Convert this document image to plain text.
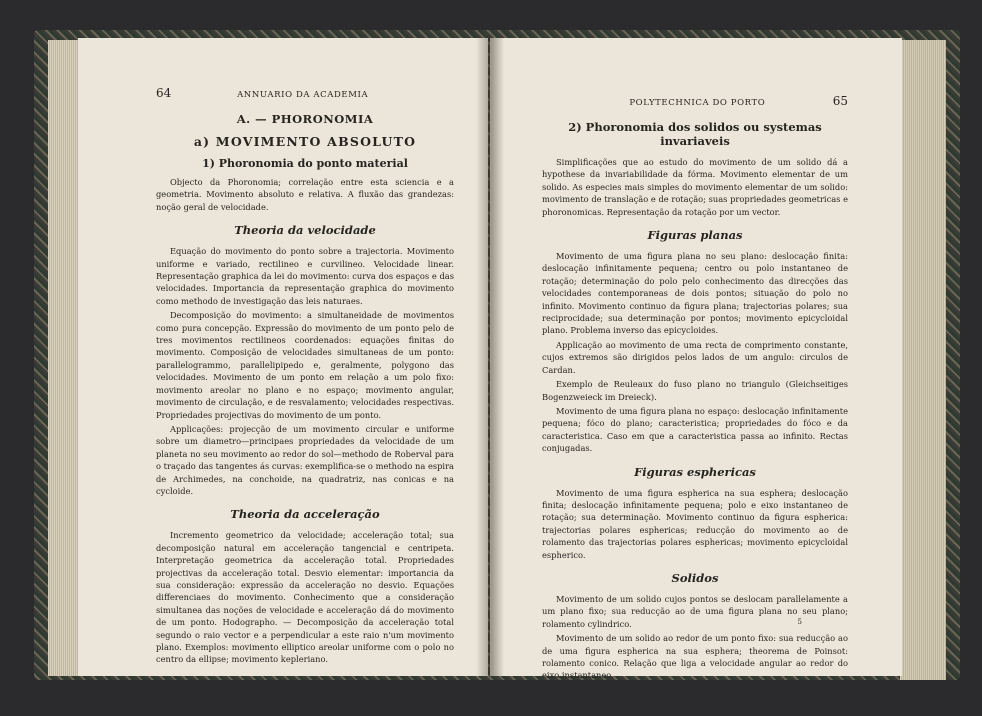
64	ANNUARIO DA ACADEMIA
A. — PHORONOMIA
a) MOVIMENTO ABSOLUTO
1) Phoronomia do ponto material

Objecto da Phoronomia; correlação entre esta sciencia e a geometria. Movimento absoluto e relativa. A fluxão das grandezas: noção geral de velocidade.

Theoria da velocidade

Equação do movimento do ponto sobre a trajectoria. Movimento uniforme e variado, rectilineo e curvilineo. Velocidade linear. Representação graphica da lei do movimento: curva dos espaços e das velocidades. Importancia da representação graphica do movimento como methodo de investigação das leis naturaes.

Decomposição do movimento: a simultaneidade de movimentos como pura concepção. Expressão do movimento de um ponto pelo de tres movimentos rectilineos coordenados: equações finitas do movimento. Composição de velocidades simultaneas de um ponto: parallelogrammo, parallelipipedo e, geralmente, polygono das velocidades. Movimento de um ponto em relação a um polo fixo: movimento areolar no plano e no espaço; movimento angular, movimento de circulação, e de resvalamento; velocidades respectivas. Propriedades projectivas do movimento de um ponto.

Applicações: projecção de um movimento circular e uniforme sobre um diametro—principaes propriedades da velocidade de um planeta no seu movimento ao redor do sol—methodo de Roberval para o traçado das tangentes ás curvas: exemplifica-se o methodo na espira de Archimedes, na conchoide, na quadratriz, nas conicas e na cycloide.

Theoria da acceleração

Incremento geometrico da velocidade; acceleração total; sua decomposição natural em acceleração tangencial e centripeta. Interpretação geometrica da acceleração total. Propriedades projectivas da acceleração total. Desvio elementar: importancia da sua consideração: expressão da acceleração no desvio. Equações differenciaes do movimento. Conhecimento que a consideração simultanea das noções de velocidade e acceleração dá do movimento de um ponto. Hodographo. — Decomposição da acceleração total segundo o raio vector e a perpendicular a este raio n'um movimento plano. Exemplos: movimento elliptico areolar uniforme com o polo no centro da ellipse; movimento kepleriano.

POLYTECHNICA DO PORTO	65
2) Phoronomia dos solidos ou systemas invariaveis

Simplificações que ao estudo do movimento de um solido dá a hypothese da invariabilidade da fórma. Movimento elementar de um solido. As especies mais simples do movimento elementar de um solido: movimento de translação e de rotação; suas propriedades geometricas e phoronomicas. Representação da rotação por um vector.

Figuras planas

Movimento de uma figura plana no seu plano: deslocação finita: deslocação infinitamente pequena; centro ou polo instantaneo de rotação; determinação do polo pelo conhecimento das direcções das velocidades contemporaneas de dois pontos; situação do polo no infinito. Movimento continuo da figura plana; trajectorias polares; sua reciprocidade; sua determinação por pontos; movimento epicycloidal plano. Problema inverso das epicycloides.

Applicação ao movimento de uma recta de comprimento constante, cujos extremos são dirigidos pelos lados de um angulo: circulos de Cardan.

Exemplo de Reuleaux do fuso plano no triangulo (Gleichseitiges Bogenzweieck im Dreieck).

Movimento de uma figura plana no espaço: deslocação infinitamente pequena; fóco do plano; caracteristica; propriedades do fóco e da caracteristica. Caso em que a caracteristica passa ao infinito. Rectas conjugadas.

Figuras esphericas

Movimento de uma figura espherica na sua esphera; deslocação finita; deslocação infinitamente pequena; polo e eixo instantaneo de rotação; sua determinação. Movimento continuo da figura espherica: trajectorias polares esphericas; reducção do movimento ao de rolamento das trajectorias polares esphericas; movimento epicycloidal espherico.

Solidos

Movimento de um solido cujos pontos se deslocam parallelamente a um plano fixo; sua reducção ao de uma figura plana no seu plano; rolamento cylindrico.

Movimento de um solido ao redor de um ponto fixo: sua reducção ao de uma figura espherica na sua esphera; theorema de Poinsot: rolamento conico. Relação que liga a velocidade angular ao redor do eixo instantaneo,

5
